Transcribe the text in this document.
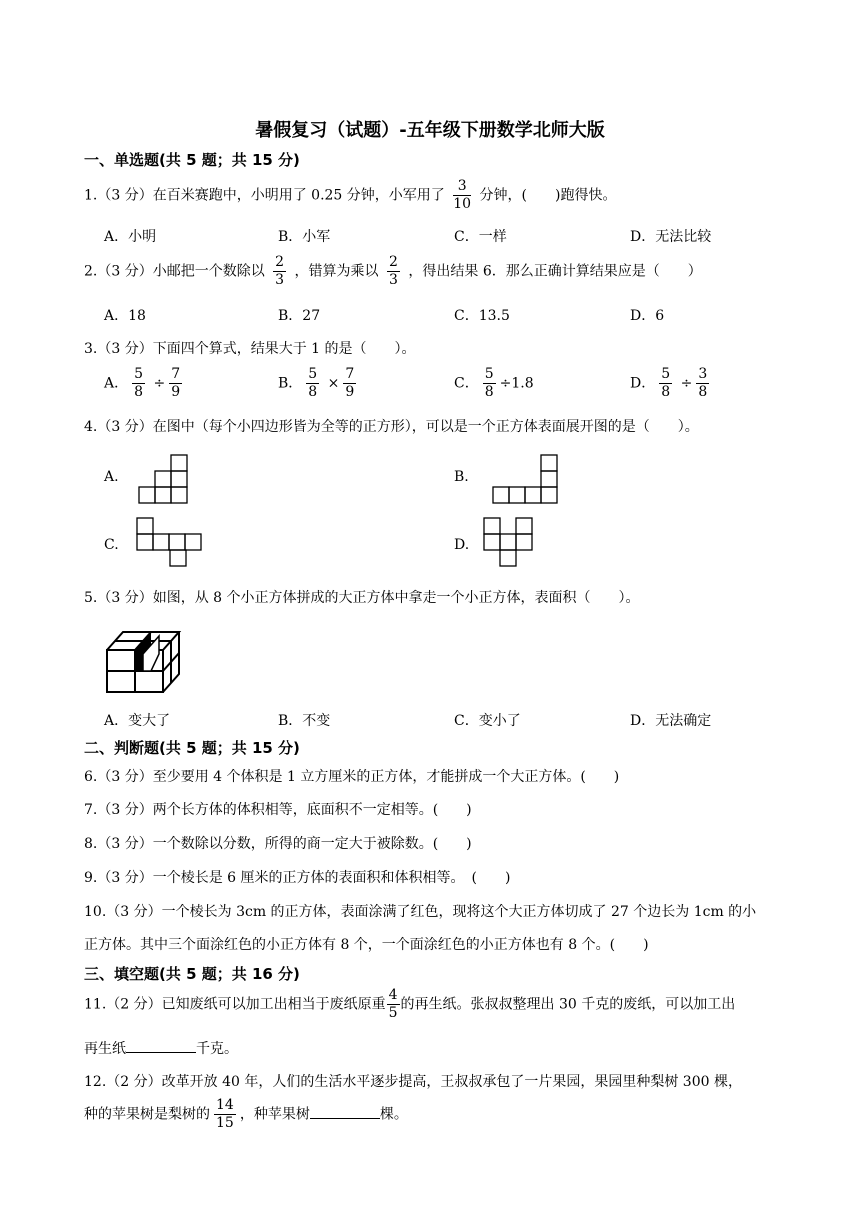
暑假复习（试题）-五年级下册数学北师大版
一、单选题(共 5 题；共 15 分)
1.（3 分）在百米赛跑中，小明用了 0.25 分钟，小军用了 $\frac{3}{10}$ 分钟，(　　)跑得快。
A．小明	B．小军	C．一样	D．无法比较
2.（3 分）小邮把一个数除以 $\frac{2}{3}$ ，错算为乘以 $\frac{2}{3}$ ，得出结果 6．那么正确计算结果应是（　　）
A．18	B．27	C．13.5	D．6
3.（3 分）下面四个算式，结果大于 1 的是（　　）。
A． $\frac{5}{8} \div \frac{7}{9}$	B． $\frac{5}{8} \times \frac{7}{9}$	C． $\frac{5}{8} \div 1.8$	D． $\frac{5}{8} \div \frac{3}{8}$
4.（3 分）在图中（每个小四边形皆为全等的正方形），可以是一个正方体表面展开图的是（　　）。
A.	B.
C.	D.
5.（3 分）如图，从 8 个小正方体拼成的大正方体中拿走一个小正方体，表面积（　　）。
A．变大了	B．不变	C．变小了	D．无法确定
二、判断题(共 5 题；共 15 分)
6.（3 分）至少要用 4 个体积是 1 立方厘米的正方体，才能拼成一个大正方体。(　　)
7.（3 分）两个长方体的体积相等，底面积不一定相等。(　　)
8.（3 分）一个数除以分数，所得的商一定大于被除数。(　　)
9.（3 分）一个棱长是 6 厘米的正方体的表面积和体积相等。　(　　)
10.（3 分）一个棱长为 3cm 的正方体，表面涂满了红色，现将这个大正方体切成了 27 个边长为 1cm 的小
正方体。其中三个面涂红色的小正方体有 8 个，一个面涂红色的小正方体也有 8 个。(　　)
三、填空题(共 5 题；共 16 分)
11.（2 分）已知废纸可以加工出相当于废纸原重 $\frac{4}{5}$ 的再生纸。张叔叔整理出 30 千克的废纸，可以加工出
再生纸	千克。
12.（2 分）改革开放 40 年，人们的生活水平逐步提高，王叔叔承包了一片果园，果园里种梨树 300 棵，
种的苹果树是梨树的 $\frac{14}{15}$ ，种苹果树	棵。
